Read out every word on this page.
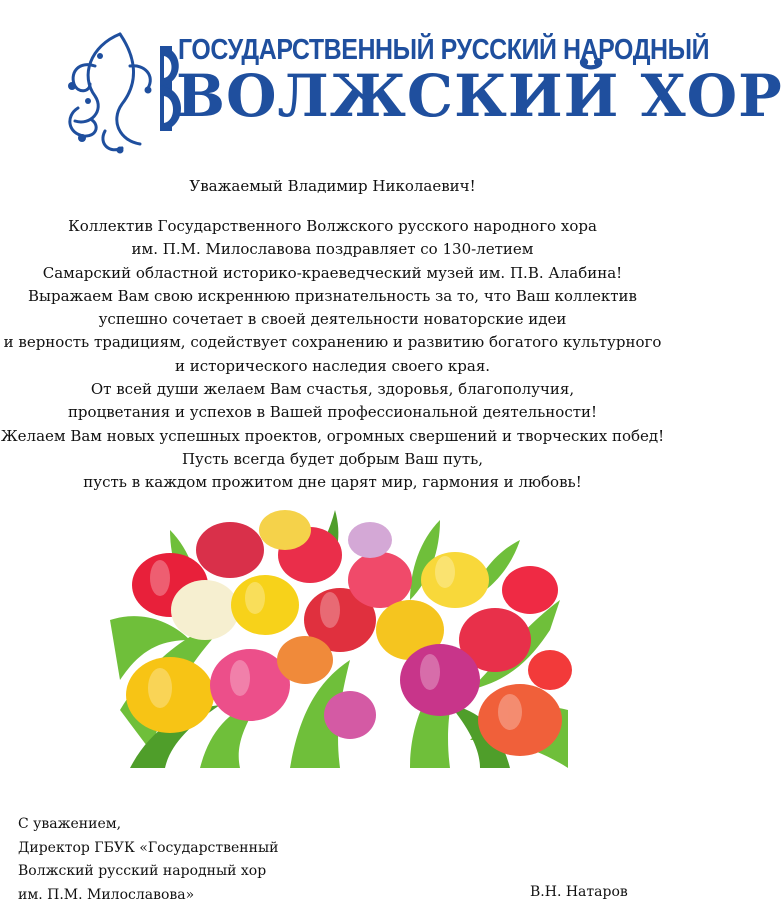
ГОСУДАРСТВЕННЫЙ РУССКИЙ НАРОДНЫЙ

ВОЛЖСКИЙ ХОР

Уважаемый Владимир Николаевич!

Коллектив Государственного Волжского русского народного хора
им. П.М. Милославова поздравляет со 130-летием
Самарский областной историко-краеведческий музей им. П.В. Алабина!
Выражаем Вам свою искреннюю признательность за то, что Ваш коллектив
успешно сочетает в своей деятельности новаторские идеи
и верность традициям, содействует сохранению и развитию богатого культурного
и исторического наследия своего края.
От всей души желаем Вам счастья, здоровья, благополучия,
процветания и успехов в Вашей профессиональной деятельности!
Желаем Вам новых успешных проектов, огромных свершений и творческих побед!
Пусть всегда будет добрым Ваш путь,
пусть в каждом прожитом дне царят мир, гармония и любовь!
С уважением,
Директор ГБУК «Государственный
Волжский русский народный хор
им. П.М. Милославова»	В.Н. Натаров
